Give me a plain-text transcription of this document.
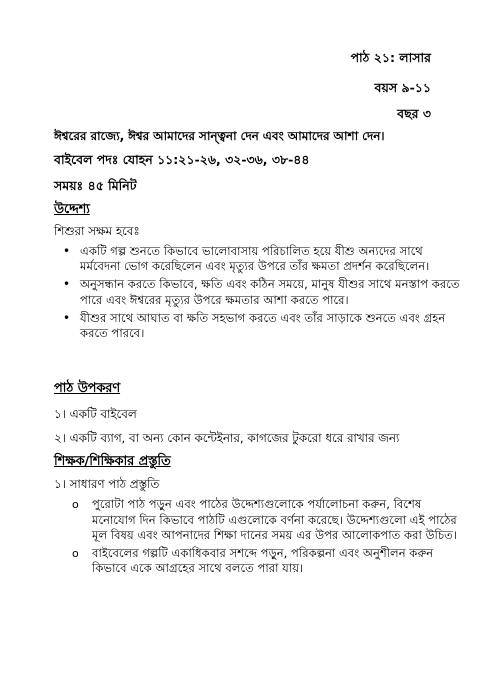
পাঠ ২১: লাসার
বয়স ৯-১১
বছর ৩
ঈশ্বরের রাজ্যে, ঈশ্বর আমাদের সান্ত্বনা দেন এবং আমাদের আশা দেন।
বাইবেল পদঃ যোহন ১১:২১-২৬, ৩২-৩৬, ৩৮-৪৪
সময়ঃ ৪৫ মিনিট
উদ্দেশ্য
শিশুরা সক্ষম হবেঃ
• একটি গল্প শুনতে কিভাবে ভালোবাসায় পরিচালিত হয়ে যীশু অন্যদের সাথে মর্মবেদনা ভোগ করেছিলেন এবং মৃত্যুর উপরে তাঁর ক্ষমতা প্রদর্শন করেছিলেন।
• অনুসন্ধান করতে কিভাবে, ক্ষতি এবং কঠিন সময়ে, মানুষ যীশুর সাথে মনস্তাপ করতে পারে এবং ঈশ্বরের মৃত্যুর উপরে ক্ষমতার আশা করতে পারে।
• যীশুর সাথে আঘাত বা ক্ষতি সহভাগ করতে এবং তাঁর সাড়াকে শুনতে এবং গ্রহন করতে পারবে।
পাঠ উপকরণ
১। একটি বাইবেল
২। একটি ব্যাগ, বা অন্য কোন কন্টেইনার, কাগজের টুকরো ধরে রাখার জন্য
শিক্ষক/শিক্ষিকার প্রস্তুতি
১। সাধারণ পাঠ প্রস্তুতি
o পুরোটা পাঠ পড়ুন এবং পাঠের উদ্দেশ্যগুলোকে পর্যালোচনা করুন, বিশেষ মনোযোগ দিন কিভাবে পাঠটি এগুলোকে বর্ণনা করেছে। উদ্দেশ্যগুলো এই পাঠের মূল বিষয় এবং আপনাদের শিক্ষা দানের সময় এর উপর আলোকপাত করা উচিত।
o বাইবেলের গল্পটি একাধিকবার সশব্দে পড়ুন, পরিকল্পনা এবং অনুশীলন করুন কিভাবে একে আগ্রহের সাথে বলতে পারা যায়।
